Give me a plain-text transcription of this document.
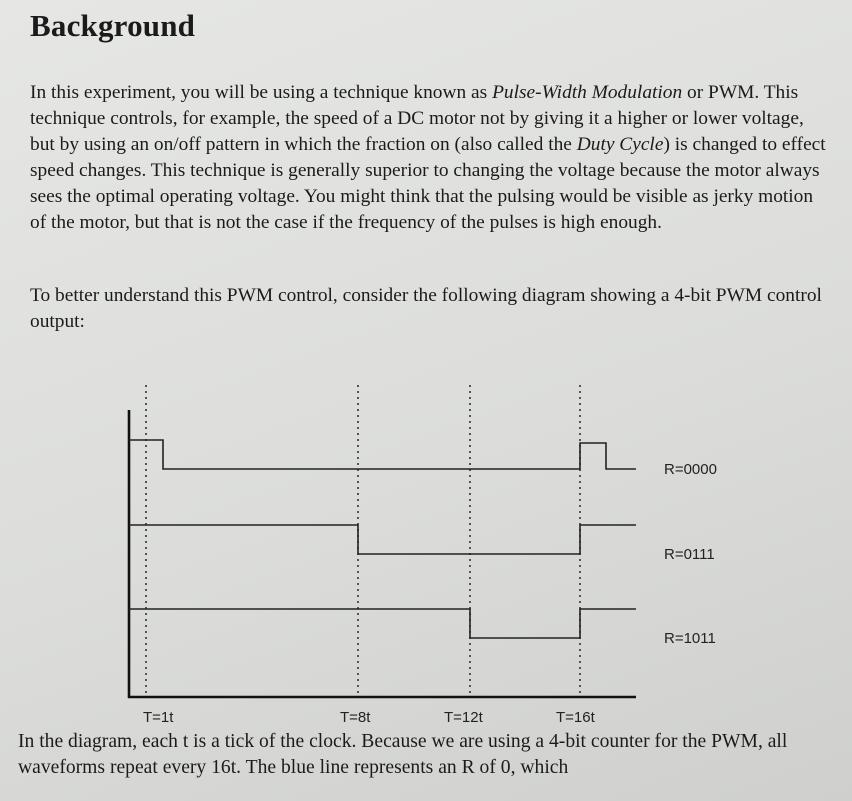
Background

In this experiment, you will be using a technique known as Pulse-Width Modulation or PWM. This technique controls, for example, the speed of a DC motor not by giving it a higher or lower voltage, but by using an on/off pattern in which the fraction on (also called the Duty Cycle) is changed to effect speed changes. This technique is generally superior to changing the voltage because the motor always sees the optimal operating voltage. You might think that the pulsing would be visible as jerky motion of the motor, but that is not the case if the frequency of the pulses is high enough.

To better understand this PWM control, consider the following diagram showing a 4-bit PWM control output:

R=0000
R=0111
R=1011
T=1t	T=8t	T=12t	T=16t

In the diagram, each t is a tick of the clock. Because we are using a 4-bit counter for the PWM, all waveforms repeat every 16t. The blue line represents an R of 0, which
